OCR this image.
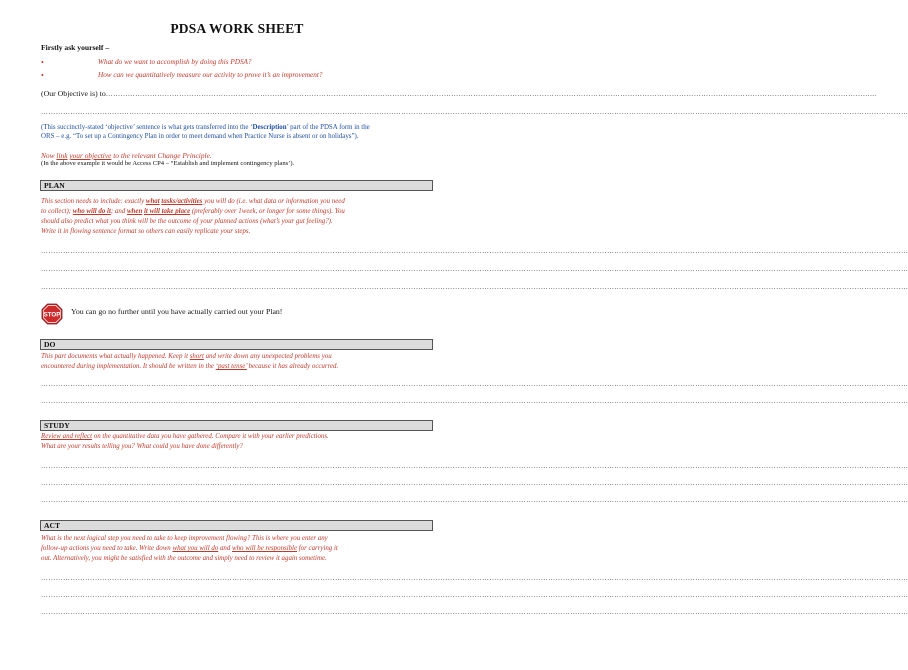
PDSA WORK SHEET
Firstly ask yourself –
•	What do we want to accomplish by doing this PDSA?
•	How can we quantitatively measure our activity to prove it’s an improvement?
(Our Objective is) to……………………………………………………………………………………………………………………………………………………………………………………………………………………………………………………………………………………...
…………………………………………………………………………………………………………………………………………………………………………………………………………………………………………………………………………………………………………………………
(This succinctly-stated ‘objective’ sentence is what gets transferred into the ‘Description’ part of the PDSA form in the
ORS – e.g. “To set up a Contingency Plan in order to meet demand when Practice Nurse is absent or on holidays”).
Now link your objective to the relevant Change Principle.
(In the above example it would be Access CP4 – “Establish and implement contingency plans’).
PLAN
This section needs to include: exactly what tasks/activities you will do (i.e. what data or information you need
to collect); who will do it; and when it will take place (preferably over 1week, or longer for some things). You
should also predict what you think will be the outcome of your planned actions (what’s your gut feeling?).
Write it in flowing sentence format so others can easily replicate your steps.
…………………………………………………………………………………………………………………………………………………………………………………………………………………………………………………………………………………………………………………………
…………………………………………………………………………………………………………………………………………………………………………………………………………………………………………………………………………………………………………………………
…………………………………………………………………………………………………………………………………………………………………………………………………………………………………………………………………………………………………………………………
STOP You can go no further until you have actually carried out your Plan!
DO
This part documents what actually happened. Keep it short and write down any unexpected problems you
encountered during implementation. It should be written in the ‘past tense’ because it has already occurred.
…………………………………………………………………………………………………………………………………………………………………………………………………………………………………………………………………………………………………………………………
…………………………………………………………………………………………………………………………………………………………………………………………………………………………………………………………………………………………………………………………
STUDY
Review and reflect on the quantitative data you have gathered. Compare it with your earlier predictions.
What are your results telling you? What could you have done differently?
…………………………………………………………………………………………………………………………………………………………………………………………………………………………………………………………………………………………………………………………
…………………………………………………………………………………………………………………………………………………………………………………………………………………………………………………………………………………………………………………………
…………………………………………………………………………………………………………………………………………………………………………………………………………………………………………………………………………………………………………………………
ACT
What is the next logical step you need to take to keep improvement flowing? This is where you enter any
follow-up actions you need to take. Write down what you will do and who will be responsible for carrying it
out. Alternatively, you might be satisfied with the outcome and simply need to review it again sometime.
…………………………………………………………………………………………………………………………………………………………………………………………………………………………………………………………………………………………………………………………
…………………………………………………………………………………………………………………………………………………………………………………………………………………………………………………………………………………………………………………………
…………………………………………………………………………………………………………………………………………………………………………………………………………………………………………………………………………………………………………………………
